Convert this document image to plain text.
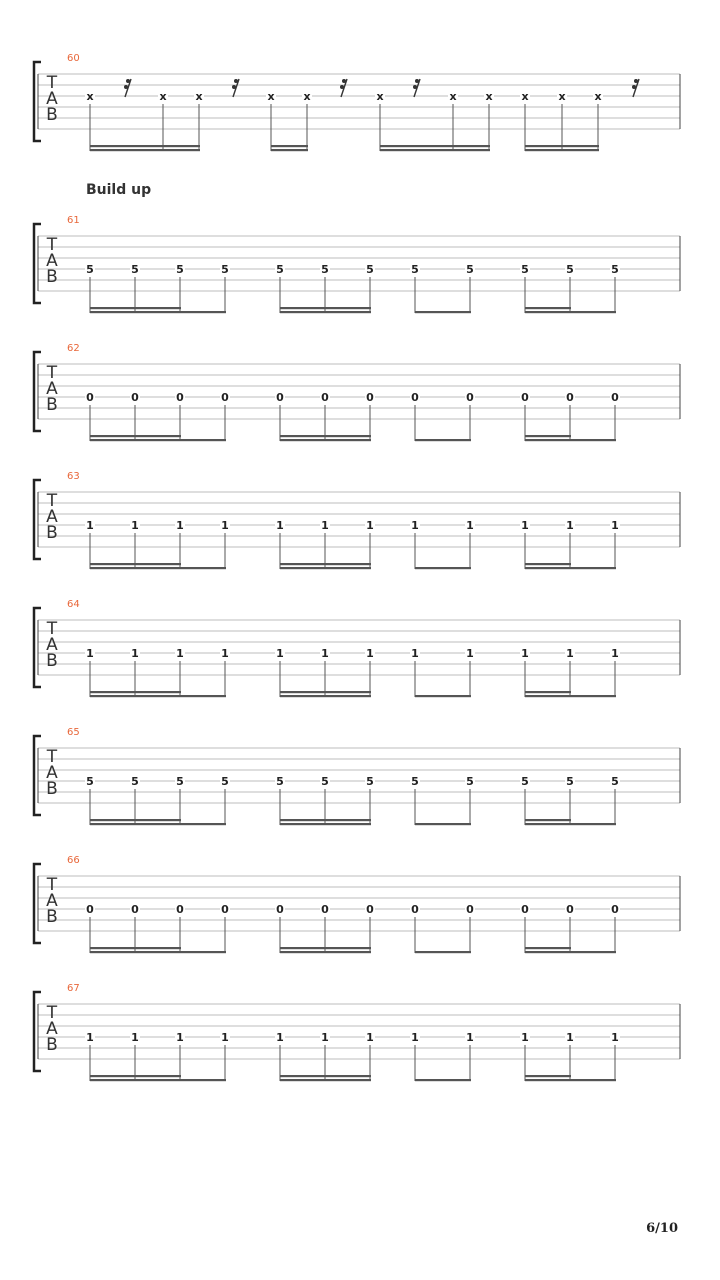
T
A
B
60
x	x	x	x	x	x	x	x	x	x	x
T
A
B
61
5	5	5	5	5	5	5	5	5	5	5	5
T
A
B
62
0	0	0	0	0	0	0	0	0	0	0	0
T
A
B
63
1	1	1	1	1	1	1	1	1	1	1	1
T
A
B
64
1	1	1	1	1	1	1	1	1	1	1	1
T
A
B
65
5	5	5	5	5	5	5	5	5	5	5	5
T
A
B
66
0	0	0	0	0	0	0	0	0	0	0	0
T
A
B
67
1	1	1	1	1	1	1	1	1	1	1	1
Build up
6/10
